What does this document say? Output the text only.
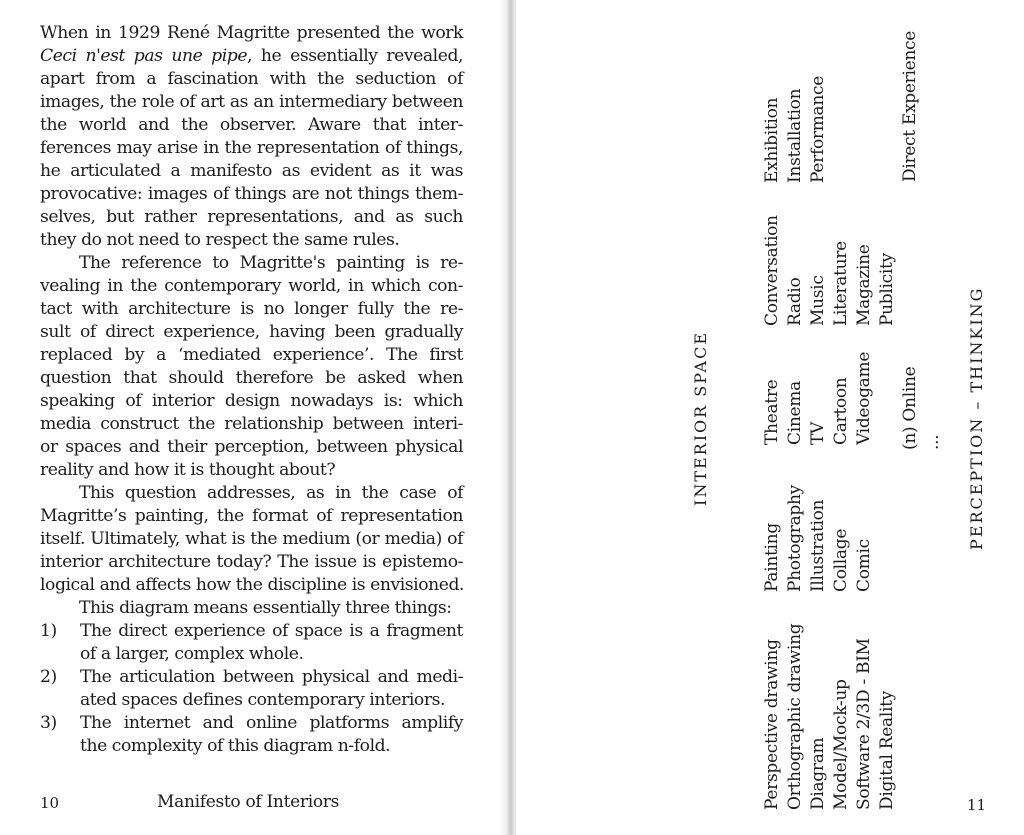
When in 1929 René Magritte presented the work
Ceci n'est pas une pipe, he essentially revealed,
apart from a fascination with the seduction of
images, the role of art as an intermediary between
the world and the observer. Aware that inter-
ferences may arise in the representation of things,
he articulated a manifesto as evident as it was
provocative: images of things are not things them-
selves, but rather representations, and as such
they do not need to respect the same rules.
The reference to Magritte's painting is re-
vealing in the contemporary world, in which con-
tact with architecture is no longer fully the re-
sult of direct experience, having been gradually
replaced by a ‘mediated experience’. The first
question that should therefore be asked when
speaking of interior design nowadays is: which
media construct the relationship between interi-
or spaces and their perception, between physical
reality and how it is thought about?
This question addresses, as in the case of
Magritte’s painting, the format of representation
itself. Ultimately, what is the medium (or media) of
interior architecture today? The issue is epistemo-
logical and affects how the discipline is envisioned.
This diagram means essentially three things:
1)	The direct experience of space is a fragment
of a larger, complex whole.
2)	The articulation between physical and medi-
ated spaces defines contemporary interiors.
3)	The internet and online platforms amplify
the complexity of this diagram n-fold.
10	Manifesto of Interiors	Perspective drawing Orthographic drawing Diagram Model/Mock-up Software 2/3D - BIM Digital Reality
Painting Photography Illustration Collage Comic
Theatre Cinema TV Cartoon Videogame (n) Online ...
Conversation Radio Music Literature Magazine Publicity
Exhibition Installation Performance	Direct Experience
INTERIOR SPACE	PERCEPTION – THINKING
11
